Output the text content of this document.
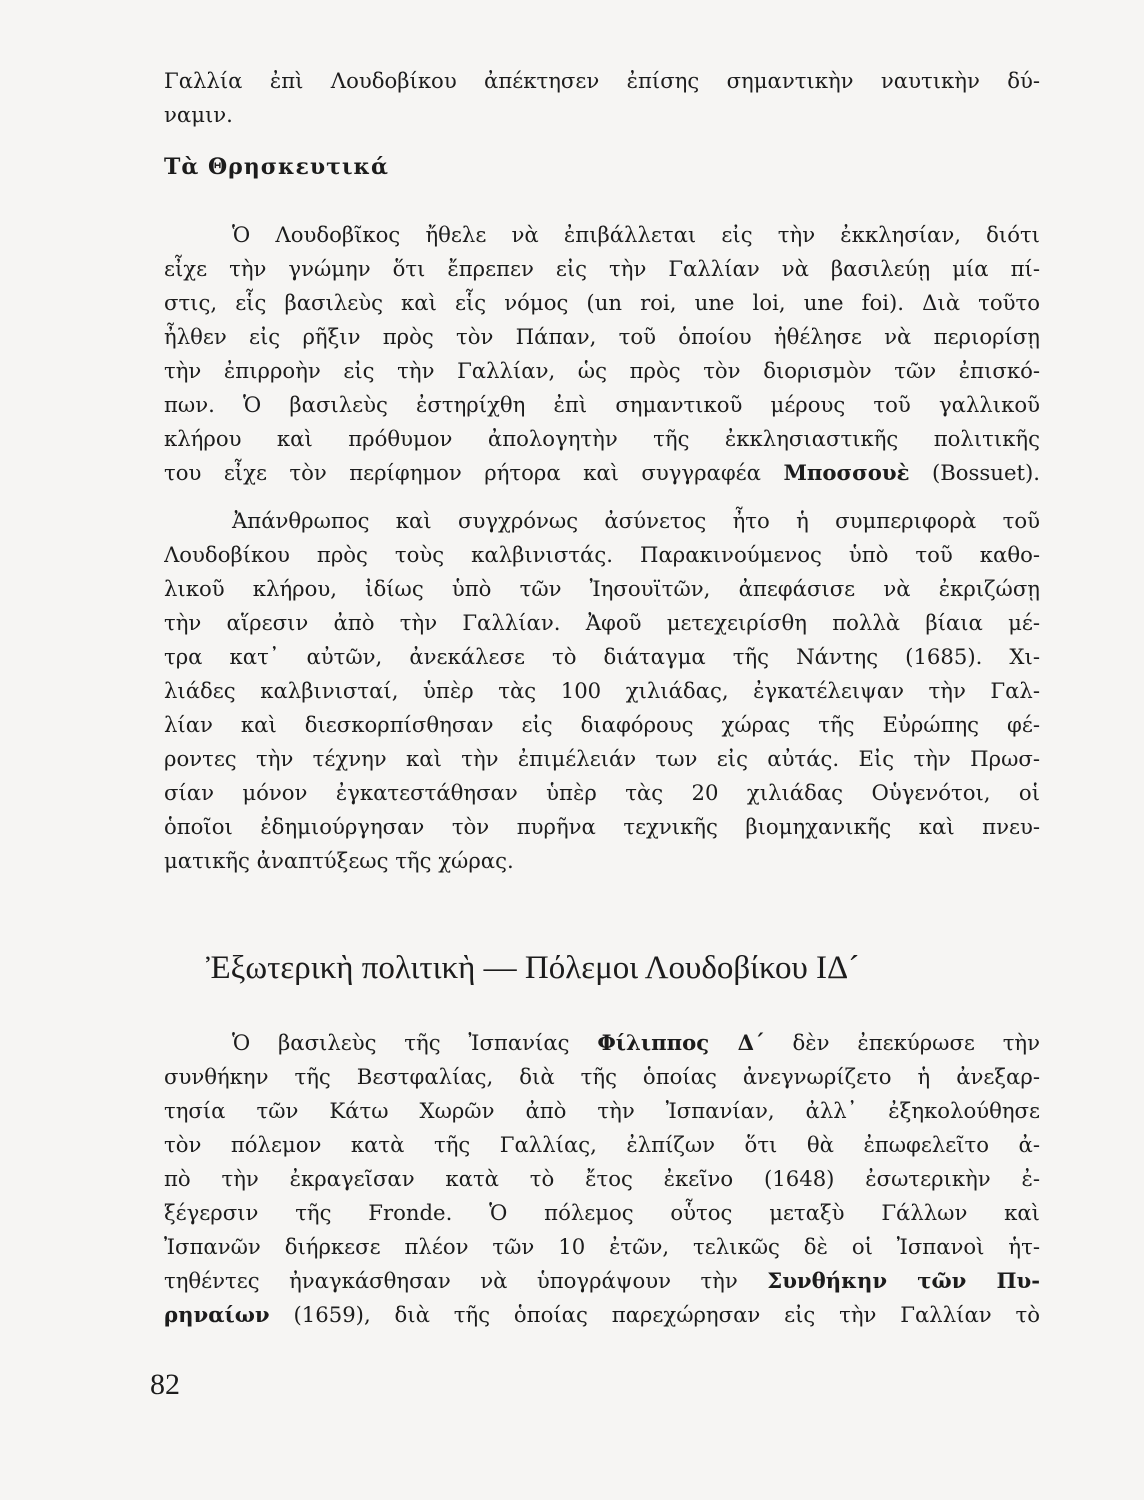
Γαλλία ἐπὶ Λουδοβίκου ἀπέκτησεν ἐπίσης σημαντικὴν ναυτικὴν δύ-
ναμιν.
Τὰ Θρησκευτικά
Ὁ Λουδοβῖκος ἤθελε νὰ ἐπιβάλλεται εἰς τὴν ἐκκλησίαν, διότι
εἶχε τὴν γνώμην ὅτι ἔπρεπεν εἰς τὴν Γαλλίαν νὰ βασιλεύῃ μία πί-
στις, εἷς βασιλεὺς καὶ εἷς νόμος (un roi, une loi, une foi). Διὰ τοῦτο
ἦλθεν εἰς ρῆξιν πρὸς τὸν Πάπαν, τοῦ ὁποίου ἠθέλησε νὰ περιορίσῃ
τὴν ἐπιρροὴν εἰς τὴν Γαλλίαν, ὡς πρὸς τὸν διορισμὸν τῶν ἐπισκό-
πων. Ὁ βασιλεὺς ἐστηρίχθη ἐπὶ σημαντικοῦ μέρους τοῦ γαλλικοῦ
κλήρου καὶ πρόθυμον ἀπολογητὴν τῆς ἐκκλησιαστικῆς πολιτικῆς
του εἶχε τὸν περίφημον ρήτορα καὶ συγγραφέα Μποσσουὲ (Bossuet).
Ἀπάνθρωπος καὶ συγχρόνως ἀσύνετος ἦτο ἡ συμπεριφορὰ τοῦ
Λουδοβίκου πρὸς τοὺς καλβινιστάς. Παρακινούμενος ὑπὸ τοῦ καθο-
λικοῦ κλήρου, ἰδίως ὑπὸ τῶν Ἰησουϊτῶν, ἀπεφάσισε νὰ ἐκριζώσῃ
τὴν αἵρεσιν ἀπὸ τὴν Γαλλίαν. Ἀφοῦ μετεχειρίσθη πολλὰ βίαια μέ-
τρα κατ᾿ αὐτῶν, ἀνεκάλεσε τὸ διάταγμα τῆς Νάντης (1685). Χι-
λιάδες καλβινισταί, ὑπὲρ τὰς 100 χιλιάδας, ἐγκατέλειψαν τὴν Γαλ-
λίαν καὶ διεσκορπίσθησαν εἰς διαφόρους χώρας τῆς Εὐρώπης φέ-
ροντες τὴν τέχνην καὶ τὴν ἐπιμέλειάν των εἰς αὐτάς. Εἰς τὴν Πρωσ-
σίαν μόνον ἐγκατεστάθησαν ὑπὲρ τὰς 20 χιλιάδας Οὑγενότοι, οἱ
ὁποῖοι ἐδημιούργησαν τὸν πυρῆνα τεχνικῆς βιομηχανικῆς καὶ πνευ-
ματικῆς ἀναπτύξεως τῆς χώρας.
Ἐξωτερικὴ πολιτικὴ — Πόλεμοι Λουδοβίκου ΙΔ´
Ὁ βασιλεὺς τῆς Ἰσπανίας Φίλιππος Δ´ δὲν ἐπεκύρωσε τὴν
συνθήκην τῆς Βεστφαλίας, διὰ τῆς ὁποίας ἀνεγνωρίζετο ἡ ἀνεξαρ-
τησία τῶν Κάτω Χωρῶν ἀπὸ τὴν Ἰσπανίαν, ἀλλ᾿ ἐξηκολούθησε
τὸν πόλεμον κατὰ τῆς Γαλλίας, ἐλπίζων ὅτι θὰ ἐπωφελεῖτο ἀ-
πὸ τὴν ἐκραγεῖσαν κατὰ τὸ ἔτος ἐκεῖνο (1648) ἐσωτερικὴν ἐ-
ξέγερσιν τῆς Fronde. Ὁ πόλεμος οὗτος μεταξὺ Γάλλων καὶ
Ἰσπανῶν διήρκεσε πλέον τῶν 10 ἐτῶν, τελικῶς δὲ οἱ Ἰσπανοὶ ἡτ-
τηθέντες ἠναγκάσθησαν νὰ ὑπογράψουν τὴν Συνθήκην τῶν Πυ-
ρηναίων (1659), διὰ τῆς ὁποίας παρεχώρησαν εἰς τὴν Γαλλίαν τὸ
82
